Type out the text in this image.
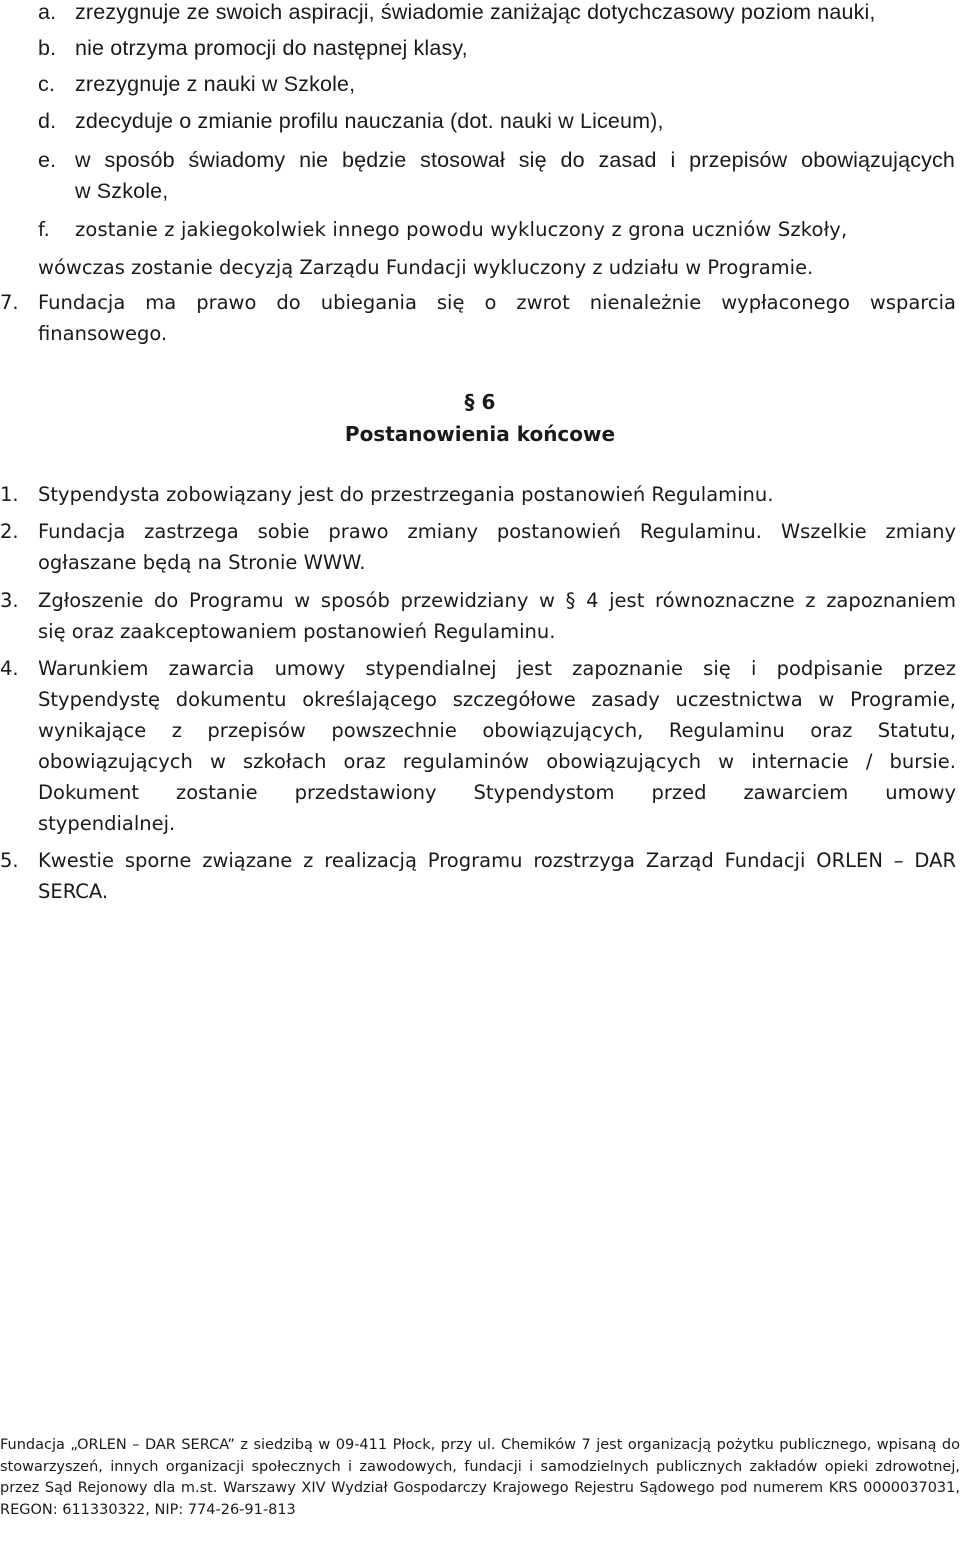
a. zrezygnuje ze swoich aspiracji, świadomie zaniżając dotychczasowy poziom nauki,
b. nie otrzyma promocji do następnej klasy,
c. zrezygnuje z nauki w Szkole,
d. zdecyduje o zmianie profilu nauczania (dot. nauki w Liceum),
e. w sposób świadomy nie będzie stosował się do zasad i przepisów obowiązujących
w Szkole,
f. zostanie z jakiegokolwiek innego powodu wykluczony z grona uczniów Szkoły,
wówczas zostanie decyzją Zarządu Fundacji wykluczony z udziału w Programie.
7. Fundacja ma prawo do ubiegania się o zwrot nienależnie wypłaconego wsparcia
finansowego.
§ 6
Postanowienia końcowe
1. Stypendysta zobowiązany jest do przestrzegania postanowień Regulaminu.
2. Fundacja zastrzega sobie prawo zmiany postanowień Regulaminu. Wszelkie zmiany
ogłaszane będą na Stronie WWW.
3. Zgłoszenie do Programu w sposób przewidziany w § 4 jest równoznaczne z zapoznaniem
się oraz zaakceptowaniem postanowień Regulaminu.
4. Warunkiem zawarcia umowy stypendialnej jest zapoznanie się i podpisanie przez
Stypendystę dokumentu określającego szczegółowe zasady uczestnictwa w Programie,
wynikające z przepisów powszechnie obowiązujących, Regulaminu oraz Statutu,
obowiązujących w szkołach oraz regulaminów obowiązujących w internacie / bursie.
Dokument zostanie przedstawiony Stypendystom przed zawarciem umowy
stypendialnej.
5. Kwestie sporne związane z realizacją Programu rozstrzyga Zarząd Fundacji ORLEN – DAR
SERCA.
Fundacja „ORLEN – DAR SERCA” z siedzibą w 09-411 Płock, przy ul. Chemików 7 jest organizacją pożytku publicznego, wpisaną do
stowarzyszeń, innych organizacji społecznych i zawodowych, fundacji i samodzielnych publicznych zakładów opieki zdrowotnej,
przez Sąd Rejonowy dla m.st. Warszawy XIV Wydział Gospodarczy Krajowego Rejestru Sądowego pod numerem KRS 0000037031,
REGON: 611330322, NIP: 774-26-91-813
